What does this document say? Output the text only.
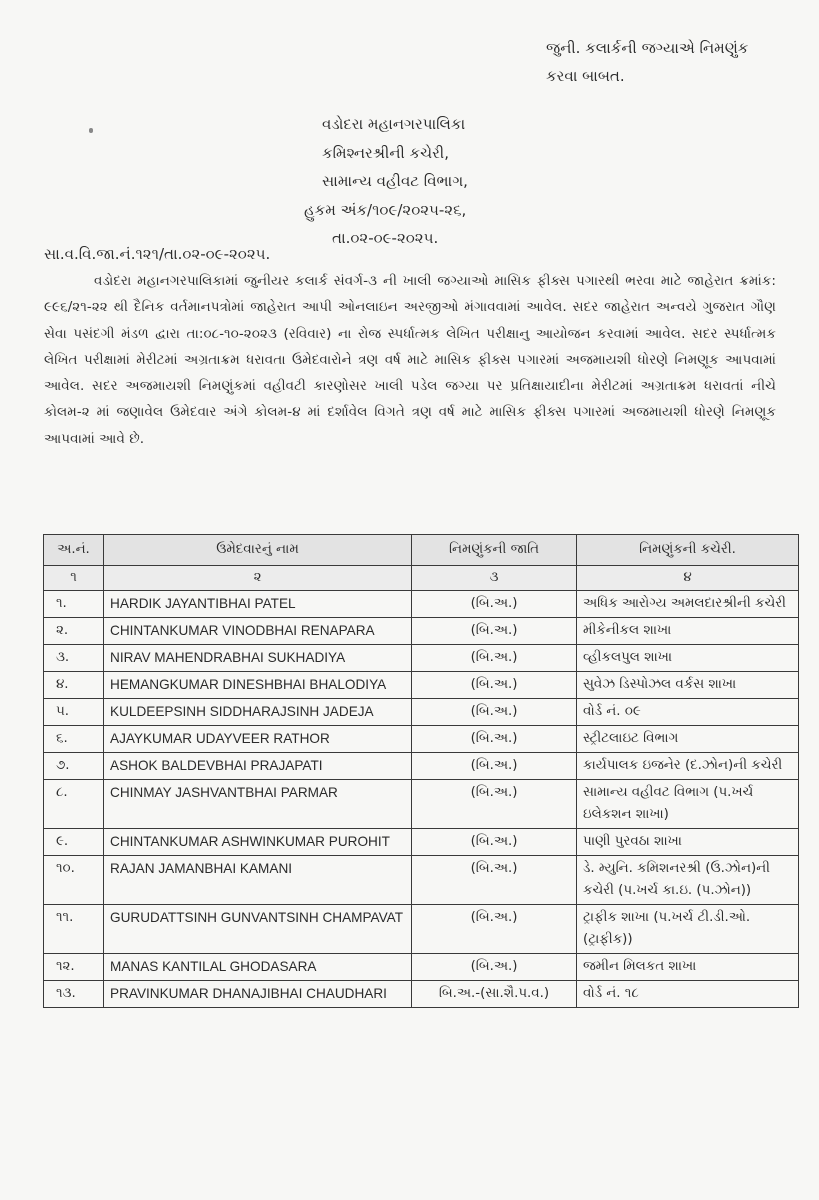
જુની. કલાર્કની જગ્યાએ નિમણુંક
કરવા બાબત.
વડોદરા મહાનગરપાલિકા
કમિશ્નરશ્રીની કચેરી,
સામાન્ય વહીવટ વિભાગ,
હુકમ અંક/૧૦૯/૨૦૨૫-૨૬,
તા.૦૨-૦૯-૨૦૨૫.
સા.વ.વિ.જા.નં.૧૨૧/તા.૦૨-૦૯-૨૦૨૫.
વડોદરા મહાનગરપાલિકામાં જુનીયર કલાર્ક સંવર્ગ-૩ ની ખાલી જગ્યાઓ માસિક ફીક્સ પગારથી ભરવા માટે જાહેરાત ક્રમાંક: ૯૯૬/૨૧-૨૨ થી દૈનિક વર્તમાનપત્રોમાં જાહેરાત આપી ઓનલાઇન અરજીઓ મંગાવવામાં આવેલ. સદર જાહેરાત અન્વયે ગુજરાત ગૌણ સેવા પસંદગી મંડળ દ્વારા તા:૦૮-૧૦-૨૦૨૩ (રવિવાર) ના રોજ સ્પર્ધાત્મક લેખિત પરીક્ષાનુ આયોજન કરવામાં આવેલ. સદર સ્પર્ધાત્મક લેખિત પરીક્ષામાં મેરીટમાં અગ્રતાક્રમ ધરાવતા ઉમેદવારોને ત્રણ વર્ષ માટે માસિક ફીક્સ પગારમાં અજમાયશી ધોરણે નિમણૂક આપવામાં આવેલ. સદર અજમાયશી નિમણુંકમાં વહીવટી કારણોસર ખાલી પડેલ જગ્યા પર પ્રતિક્ષાયાદીના મેરીટમાં અગ્રતાક્રમ ધરાવતાં નીચે કોલમ-૨ માં જણાવેલ ઉમેદવાર અંગે કોલમ-૪ માં દર્શાવેલ વિગતે ત્રણ વર્ષ માટે માસિક ફીક્સ પગારમાં અજમાયશી ધોરણે નિમણૂક આપવામાં આવે છે.
અ.નં.	ઉમેદવારનું નામ	નિમણુંકની જાતિ	નિમણુંકની કચેરી.
૧	૨	૩	૪
૧.	HARDIK JAYANTIBHAI PATEL	(બિ.અ.)	અધિક આરોગ્ય અમલદારશ્રીની કચેરી
૨.	CHINTANKUMAR VINODBHAI RENAPARA	(બિ.અ.)	મીકેનીકલ શાખા
૩.	NIRAV MAHENDRABHAI SUKHADIYA	(બિ.અ.)	વ્હીકલપુલ શાખા
૪.	HEMANGKUMAR DINESHBHAI BHALODIYA	(બિ.અ.)	સુવેઝ ડિસ્પોઝલ વર્કસ શાખા
૫.	KULDEEPSINH SIDDHARAJSINH JADEJA	(બિ.અ.)	વોર્ડ નં. ૦૯
૬.	AJAYKUMAR UDAYVEER RATHOR	(બિ.અ.)	સ્ટ્રીટલાઇટ વિભાગ
૭.	ASHOK BALDEVBHAI PRAJAPATI	(બિ.અ.)	કાર્યપાલક ઇજનેર (દ.ઝોન)ની કચેરી
૮.	CHINMAY JASHVANTBHAI PARMAR	(બિ.અ.)	સામાન્ય વહીવટ વિભાગ (પ.ખર્ચ ઇલેકશન શાખા)
૯.	CHINTANKUMAR ASHWINKUMAR PUROHIT	(બિ.અ.)	પાણી પુરવઠા શાખા
૧૦.	RAJAN JAMANBHAI KAMANI	(બિ.અ.)	ડે. મ્યુનિ. કમિશનરશ્રી (ઉ.ઝોન)ની કચેરી (પ.ખર્ચ કા.ઇ. (પ.ઝોન))
૧૧.	GURUDATTSINH GUNVANTSINH CHAMPAVAT	(બિ.અ.)	ટ્રાફીક શાખા (પ.ખર્ચ ટી.ડી.ઓ. (ટ્રાફીક))
૧૨.	MANAS KANTILAL GHODASARA	(બિ.અ.)	જમીન મિલકત શાખા
૧૩.	PRAVINKUMAR DHANAJIBHAI CHAUDHARI	બિ.અ.-(સા.શૈ.પ.વ.)	વોર્ડ નં. ૧૮
